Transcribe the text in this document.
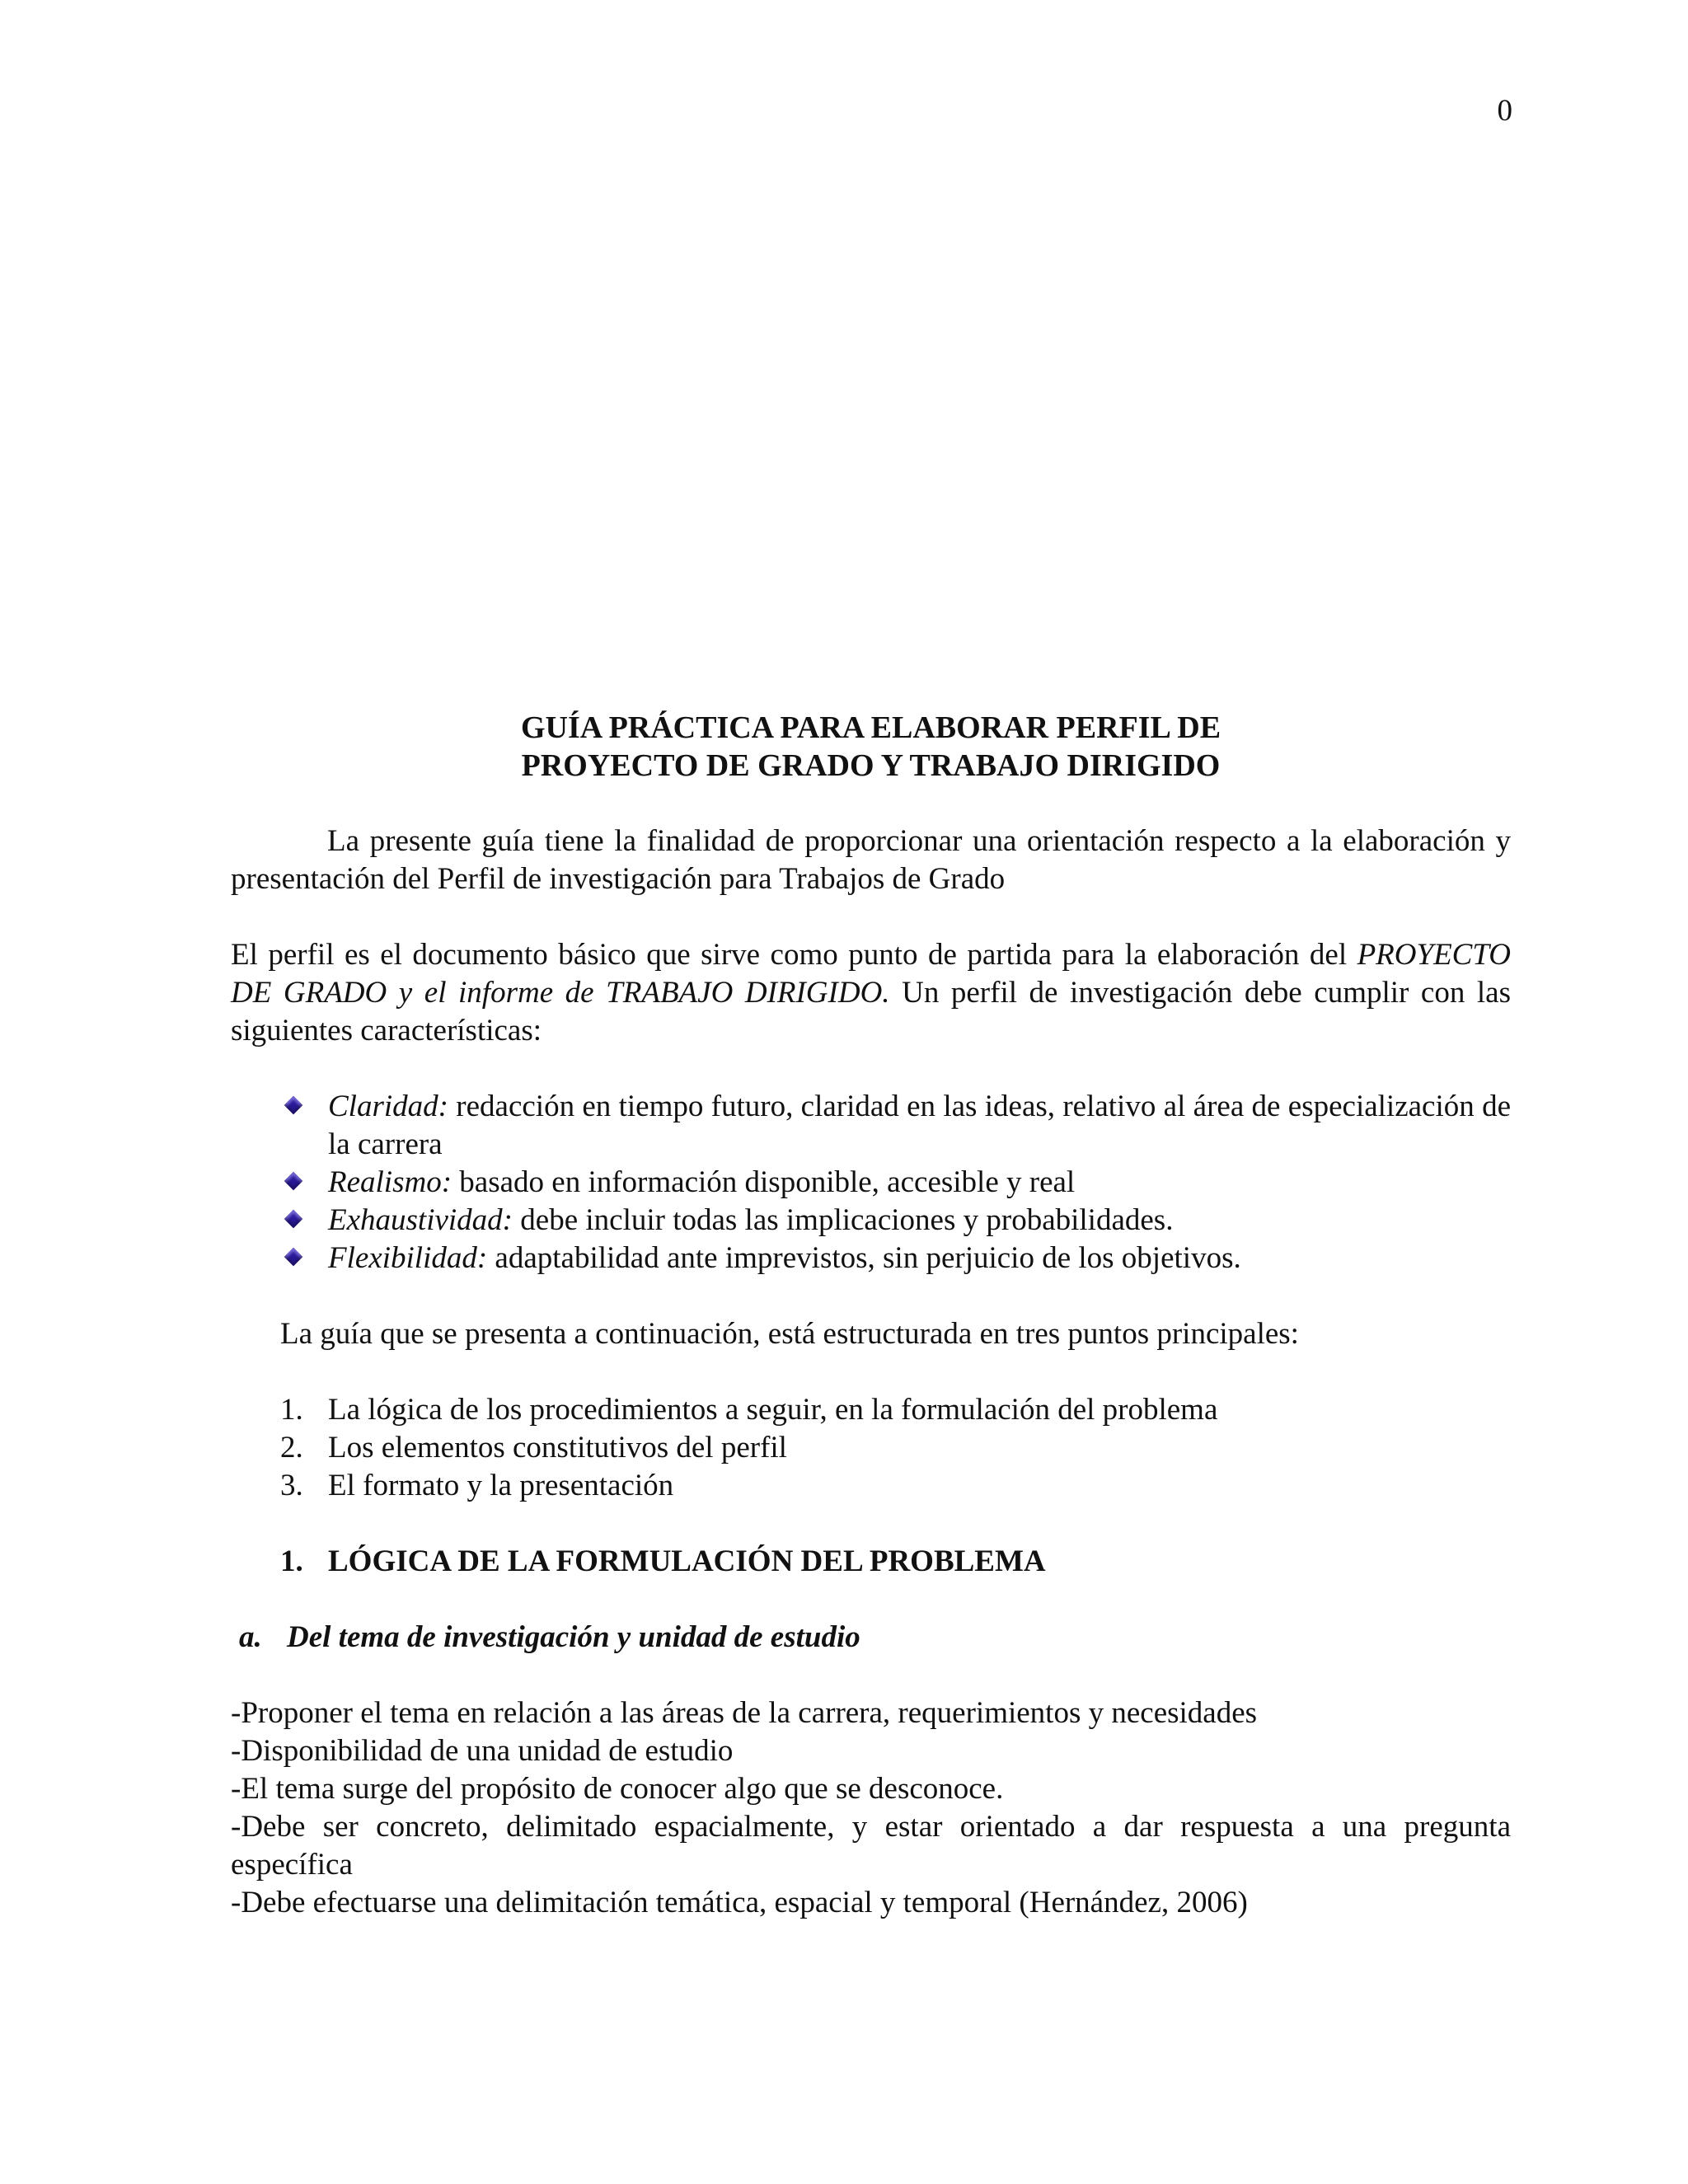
0
GUÍA PRÁCTICA PARA ELABORAR PERFIL DE
PROYECTO DE GRADO Y TRABAJO DIRIGIDO

La presente guía tiene la finalidad de proporcionar una orientación respecto a la elaboración y presentación del Perfil de investigación para Trabajos de Grado

El perfil es el documento básico que sirve como punto de partida para la elaboración del PROYECTO DE GRADO y el informe de TRABAJO DIRIGIDO. Un perfil de investigación debe cumplir con las siguientes características:

Claridad: redacción en tiempo futuro, claridad en las ideas, relativo al área de especialización de la carrera
Realismo: basado en información disponible, accesible y real
Exhaustividad: debe incluir todas las implicaciones y probabilidades.
Flexibilidad: adaptabilidad ante imprevistos, sin perjuicio de los objetivos.

La guía que se presenta a continuación, está estructurada en tres puntos principales:

1. La lógica de los procedimientos a seguir, en la formulación del problema
2. Los elementos constitutivos del perfil
3. El formato y la presentación

1. LÓGICA DE LA FORMULACIÓN DEL PROBLEMA

a. Del tema de investigación y unidad de estudio

-Proponer el tema en relación a las áreas de la carrera, requerimientos y necesidades

-Disponibilidad de una unidad de estudio

-El tema surge del propósito de conocer algo que se desconoce.

-Debe ser concreto, delimitado espacialmente, y estar orientado a dar respuesta a una pregunta específica

-Debe efectuarse una delimitación temática, espacial y temporal (Hernández, 2006)
